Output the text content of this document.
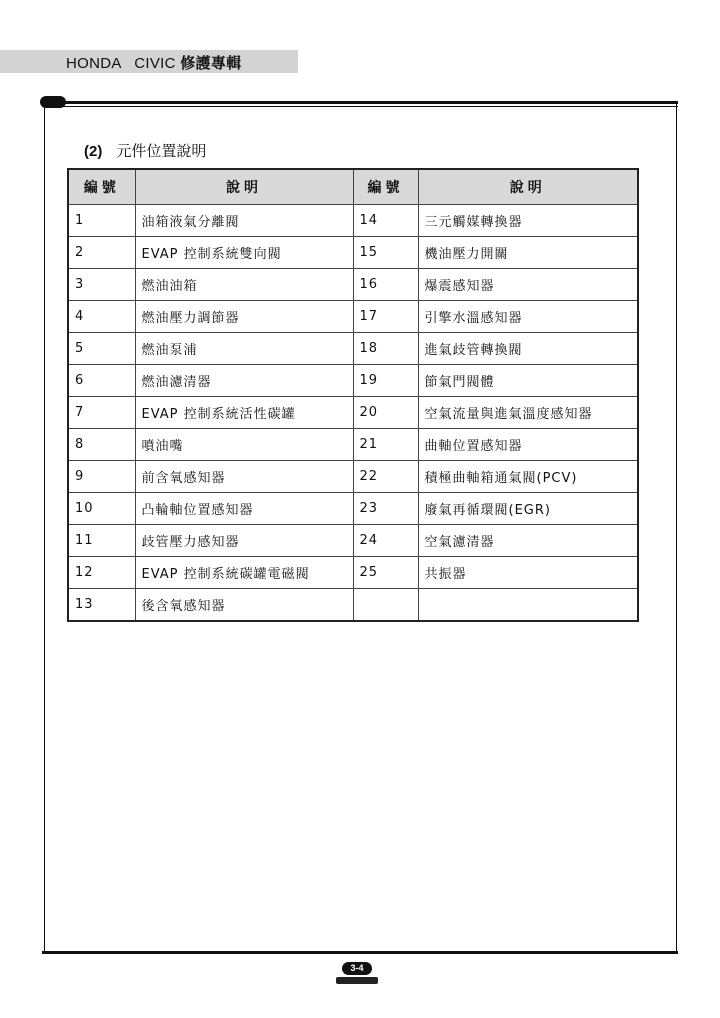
HONDA CIVIC 修護專輯
(2) 元件位置說明
編號	說明	編號	說明
1	油箱液氣分離閥	14	三元觸媒轉換器
2	EVAP 控制系統雙向閥	15	機油壓力開關
3	燃油油箱	16	爆震感知器
4	燃油壓力調節器	17	引擎水溫感知器
5	燃油泵浦	18	進氣歧管轉換閥
6	燃油濾清器	19	節氣門閥體
7	EVAP 控制系統活性碳罐	20	空氣流量與進氣溫度感知器
8	噴油嘴	21	曲軸位置感知器
9	前含氧感知器	22	積極曲軸箱通氣閥(PCV)
10	凸輪軸位置感知器	23	廢氣再循環閥(EGR)
11	歧管壓力感知器	24	空氣濾清器
12	EVAP 控制系統碳罐電磁閥	25	共振器
13	後含氧感知器		
3-4
